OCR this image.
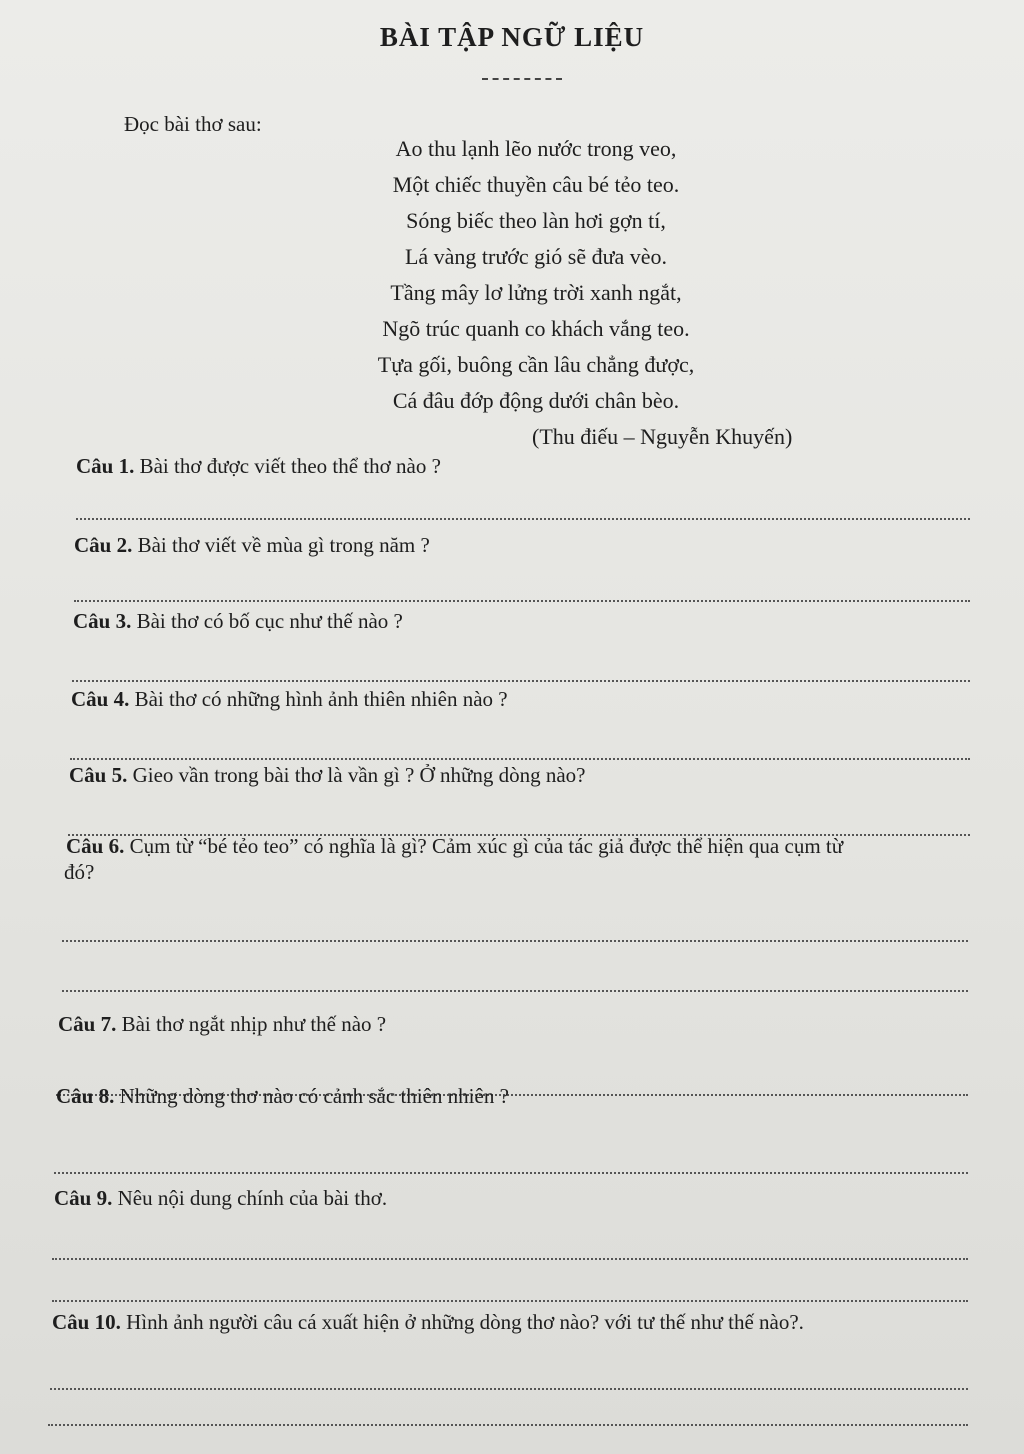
BÀI TẬP NGỮ LIỆU
Đọc bài thơ sau:
Ao thu lạnh lẽo nước trong veo,
Một chiếc thuyền câu bé tẻo teo.
Sóng biếc theo làn hơi gợn tí,
Lá vàng trước gió sẽ đưa vèo.
Tầng mây lơ lửng trời xanh ngắt,
Ngõ trúc quanh co khách vắng teo.
Tựa gối, buông cần lâu chẳng được,
Cá đâu đớp động dưới chân bèo.
(Thu điếu – Nguyễn Khuyến)
Câu 1. Bài thơ được viết theo thể thơ nào ?
Câu 2. Bài thơ viết về mùa gì trong năm ?
Câu 3. Bài thơ có bố cục như thế nào ?
Câu 4. Bài thơ có những hình ảnh thiên nhiên nào ?
Câu 5. Gieo vần trong bài thơ là vần gì ? Ở những dòng nào?
Câu 6. Cụm từ “bé tẻo teo” có nghĩa là gì? Cảm xúc gì của tác giả được thể hiện qua cụm từ
đó?
Câu 7. Bài thơ ngắt nhịp như thế nào ?
Câu 8. Những dòng thơ nào có cảnh sắc thiên nhiên ?
Câu 9. Nêu nội dung chính của bài thơ.
Câu 10. Hình ảnh người câu cá xuất hiện ở những dòng thơ nào? với tư thế như thế nào?.
